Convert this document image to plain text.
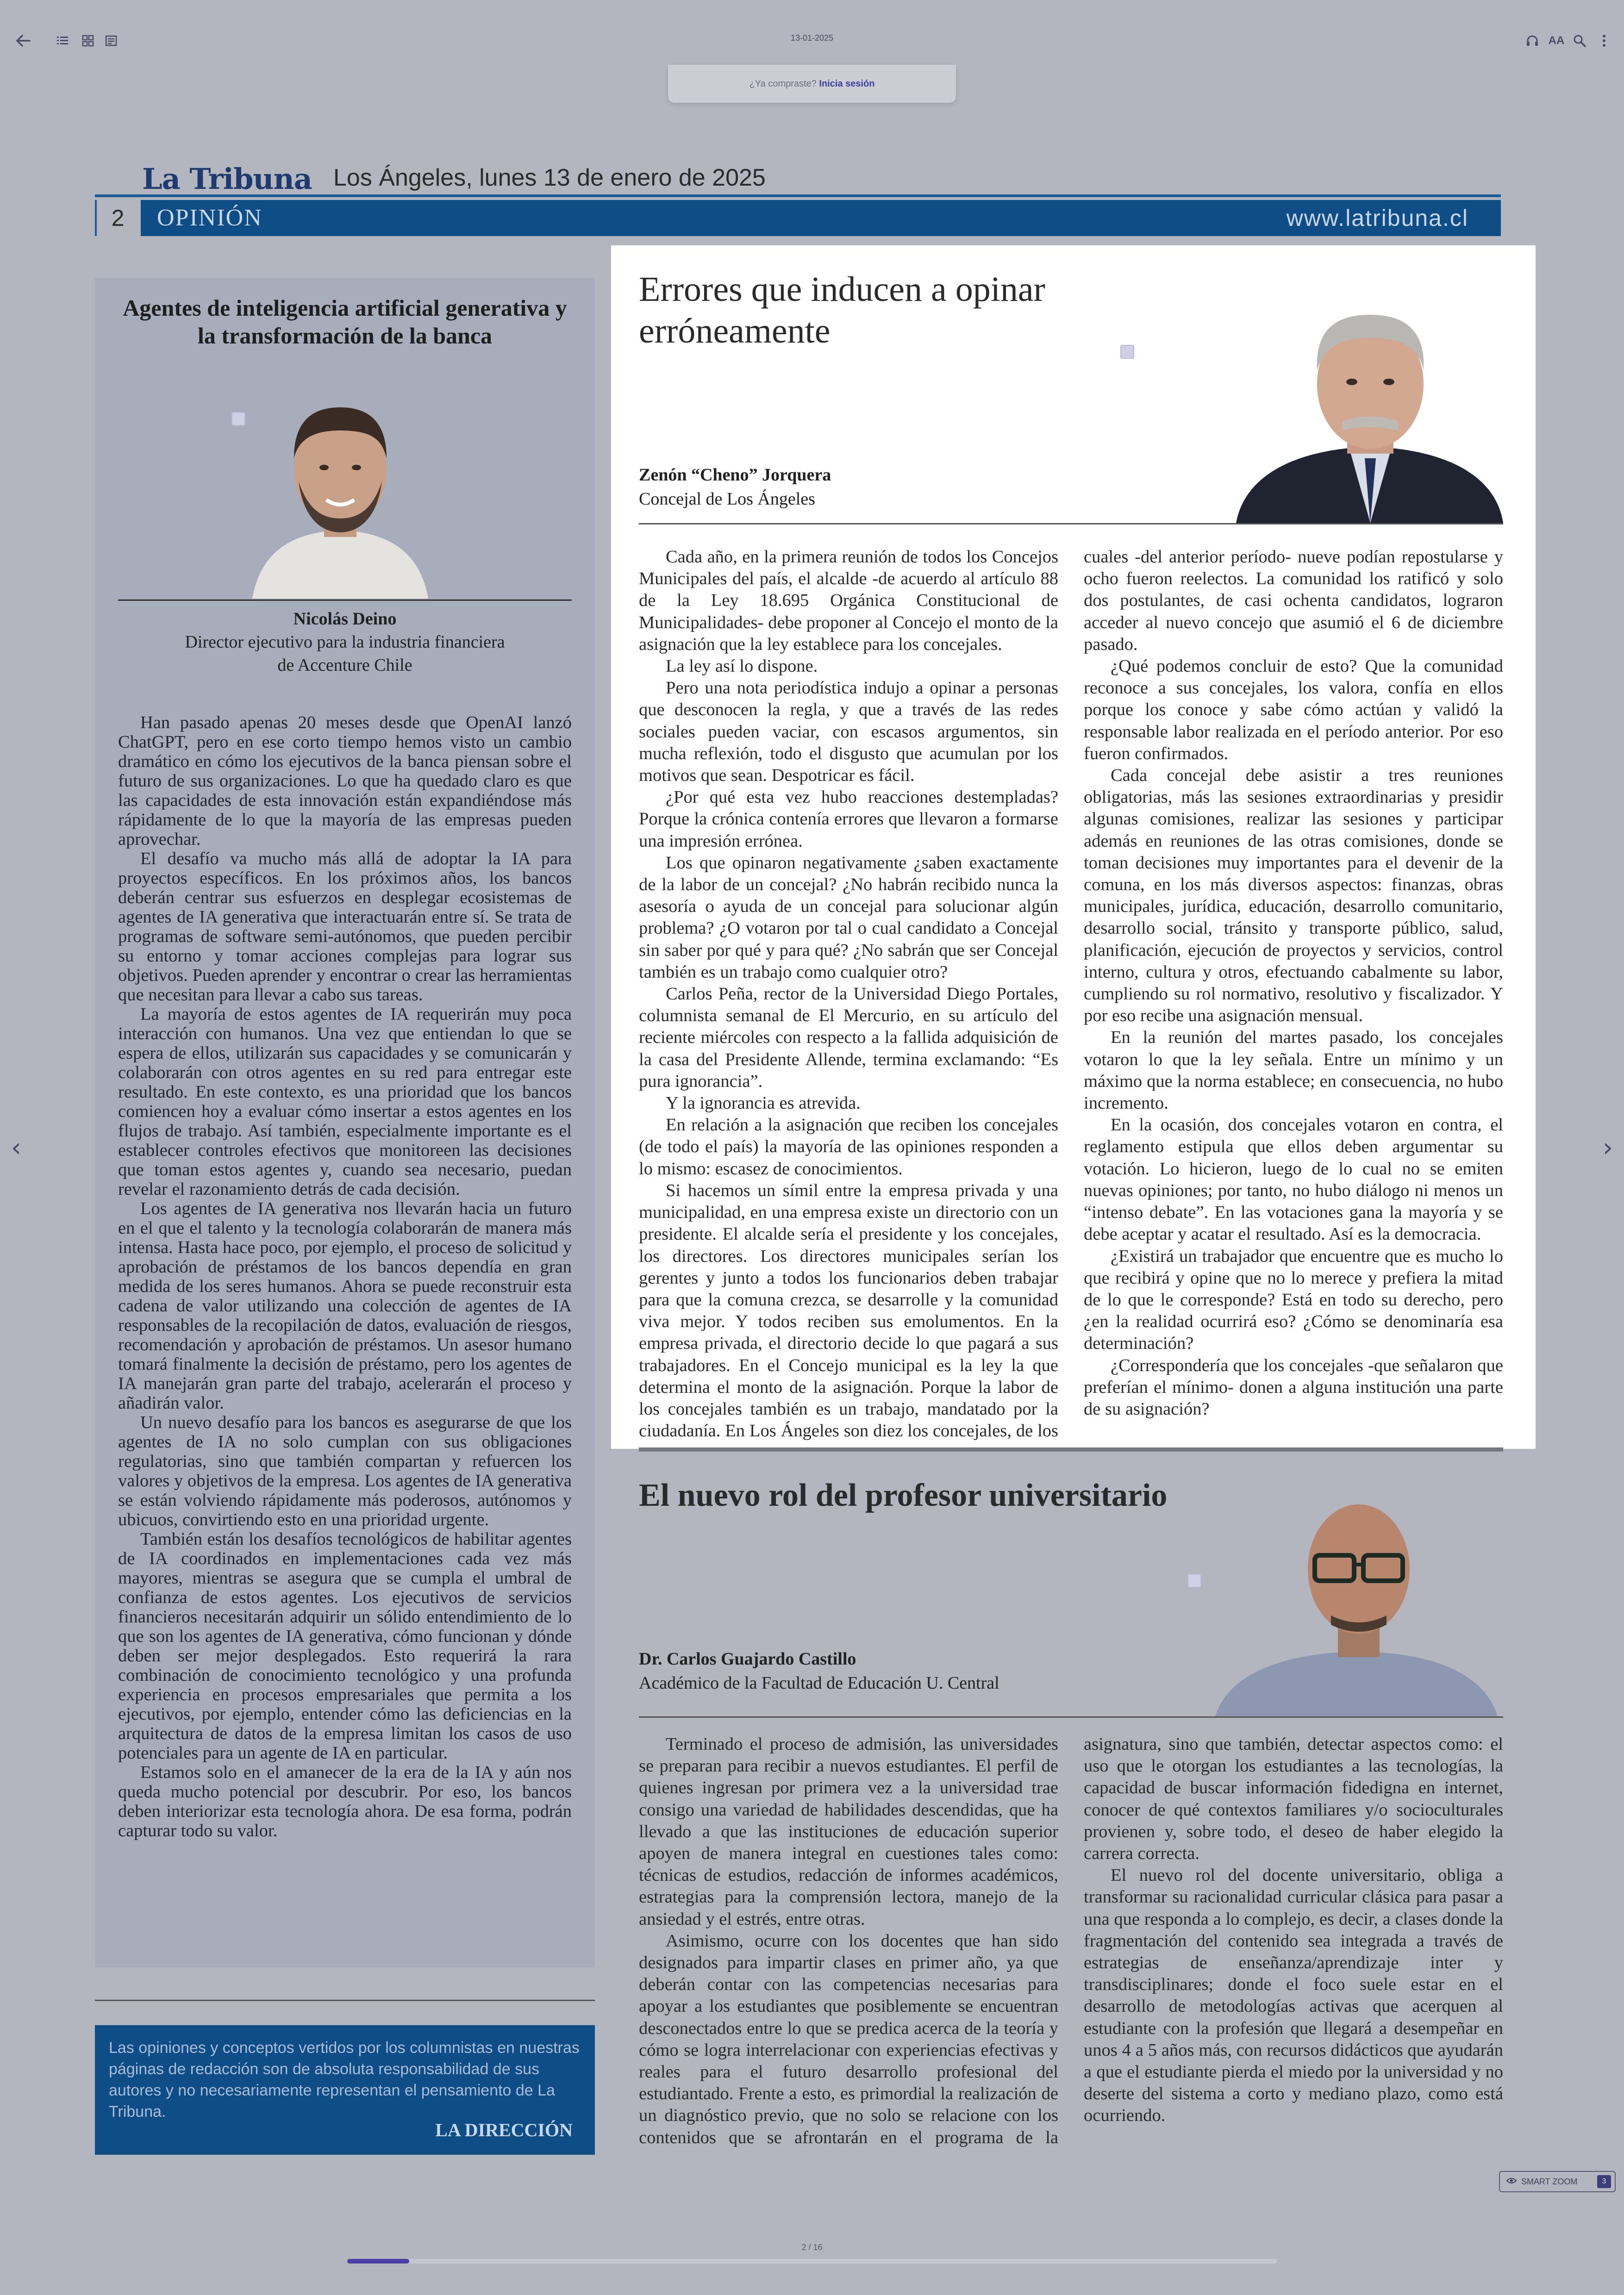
13-01-2025	AA
¿Ya compraste? Inicia sesión
‹	›
La Tribuna Los Ángeles, lunes 13 de enero de 2025
2	OPINIÓN	www.latribuna.cl
Agentes de inteligencia artificial generativa y la transformación de la banca
Nicolás Deino
Director ejecutivo para la industria financiera
de Accenture Chile

Han pasado apenas 20 meses desde que OpenAI lanzó ChatGPT, pero en ese corto tiempo hemos visto un cambio dramático en cómo los ejecutivos de la banca piensan sobre el futuro de sus organizaciones. Lo que ha quedado claro es que las capacidades de esta innovación están expandiéndose más rápidamente de lo que la mayoría de las empresas pueden aprovechar.

El desafío va mucho más allá de adoptar la IA para proyectos específicos. En los próximos años, los bancos deberán centrar sus esfuerzos en desplegar ecosistemas de agentes de IA generativa que interactuarán entre sí. Se trata de programas de software semi-autónomos, que pueden percibir su entorno y tomar acciones complejas para lograr sus objetivos. Pueden aprender y encontrar o crear las herramientas que necesitan para llevar a cabo sus tareas.

La mayoría de estos agentes de IA requerirán muy poca interacción con humanos. Una vez que entiendan lo que se espera de ellos, utilizarán sus capacidades y se comunicarán y colaborarán con otros agentes en su red para entregar este resultado. En este contexto, es una prioridad que los bancos comiencen hoy a evaluar cómo insertar a estos agentes en los flujos de trabajo. Así también, especialmente importante es el establecer controles efectivos que monitoreen las decisiones que toman estos agentes y, cuando sea necesario, puedan revelar el razonamiento detrás de cada decisión.

Los agentes de IA generativa nos llevarán hacia un futuro en el que el talento y la tecnología colaborarán de manera más intensa. Hasta hace poco, por ejemplo, el proceso de solicitud y aprobación de préstamos de los bancos dependía en gran medida de los seres humanos. Ahora se puede reconstruir esta cadena de valor utilizando una colección de agentes de IA responsables de la recopilación de datos, evaluación de riesgos, recomendación y aprobación de préstamos. Un asesor humano tomará finalmente la decisión de préstamo, pero los agentes de IA manejarán gran parte del trabajo, acelerarán el proceso y añadirán valor.

Un nuevo desafío para los bancos es asegurarse de que los agentes de IA no solo cumplan con sus obligaciones regulatorias, sino que también compartan y refuercen los valores y objetivos de la empresa. Los agentes de IA generativa se están volviendo rápidamente más poderosos, autónomos y ubicuos, convirtiendo esto en una prioridad urgente.

También están los desafíos tecnológicos de habilitar agentes de IA coordinados en implementaciones cada vez más mayores, mientras se asegura que se cumpla el umbral de confianza de estos agentes. Los ejecutivos de servicios financieros necesitarán adquirir un sólido entendimiento de lo que son los agentes de IA generativa, cómo funcionan y dónde deben ser mejor desplegados. Esto requerirá la rara combinación de conocimiento tecnológico y una profunda experiencia en procesos empresariales que permita a los ejecutivos, por ejemplo, entender cómo las deficiencias en la arquitectura de datos de la empresa limitan los casos de uso potenciales para un agente de IA en particular.

Estamos solo en el amanecer de la era de la IA y aún nos queda mucho potencial por descubrir. Por eso, los bancos deben interiorizar esta tecnología ahora. De esa forma, podrán capturar todo su valor.

Las opiniones y conceptos vertidos por los columnistas en nuestras páginas de redacción son de absoluta responsabilidad de sus autores y no necesariamente representan el pensamiento de La Tribuna.
LA DIRECCIÓN
Errores que inducen a opinar erróneamente
Zenón “Cheno” Jorquera
Concejal de Los Ángeles

Cada año, en la primera reunión de todos los Concejos Municipales del país, el alcalde -de acuerdo al artículo 88 de la Ley 18.695 Orgánica Constitucional de Municipalidades- debe proponer al Concejo el monto de la asignación que la ley establece para los concejales.

La ley así lo dispone.

Pero una nota periodística indujo a opinar a personas que desconocen la regla, y que a través de las redes sociales pueden vaciar, con escasos argumentos, sin mucha reflexión, todo el disgusto que acumulan por los motivos que sean. Despotricar es fácil.

¿Por qué esta vez hubo reacciones destempladas? Porque la crónica contenía errores que llevaron a formarse una impresión errónea.

Los que opinaron negativamente ¿saben exactamente de la labor de un concejal? ¿No habrán recibido nunca la asesoría o ayuda de un concejal para solucionar algún problema? ¿O votaron por tal o cual candidato a Concejal sin saber por qué y para qué? ¿No sabrán que ser Concejal también es un trabajo como cualquier otro?

Carlos Peña, rector de la Universidad Diego Portales, columnista semanal de El Mercurio, en su artículo del reciente miércoles con respecto a la fallida adquisición de la casa del Presidente Allende, termina exclamando: “Es pura ignorancia”.

Y la ignorancia es atrevida.

En relación a la asignación que reciben los concejales (de todo el país) la mayoría de las opiniones responden a lo mismo: escasez de conocimientos.

Si hacemos un símil entre la empresa privada y una municipalidad, en una empresa existe un directorio con un presidente. El alcalde sería el presidente y los concejales, los directores. Los directores municipales serían los gerentes y junto a todos los funcionarios deben trabajar para que la comuna crezca, se desarrolle y la comunidad viva mejor. Y todos reciben sus emolumentos. En la empresa privada, el directorio decide lo que pagará a sus trabajadores. En el Concejo municipal es la ley la que determina el monto de la asignación. Porque la labor de los concejales también es un trabajo, mandatado por la ciudadanía. En Los Ángeles son diez los concejales, de los cuales -del anterior período- nueve podían repostularse y ocho fueron reelectos. La comunidad los ratificó y solo dos postulantes, de casi ochenta candidatos, lograron acceder al nuevo concejo que asumió el 6 de diciembre pasado.

¿Qué podemos concluir de esto? Que la comunidad reconoce a sus concejales, los valora, confía en ellos porque los conoce y sabe cómo actúan y validó la responsable labor realizada en el período anterior. Por eso fueron confirmados.

Cada concejal debe asistir a tres reuniones obligatorias, más las sesiones extraordinarias y presidir algunas comisiones, realizar las sesiones y participar además en reuniones de las otras comisiones, donde se toman decisiones muy importantes para el devenir de la comuna, en los más diversos aspectos: finanzas, obras municipales, jurídica, educación, desarrollo comunitario, desarrollo social, tránsito y transporte público, salud, planificación, ejecución de proyectos y servicios, control interno, cultura y otros, efectuando cabalmente su labor, cumpliendo su rol normativo, resolutivo y fiscalizador. Y por eso recibe una asignación mensual.

En la reunión del martes pasado, los concejales votaron lo que la ley señala. Entre un mínimo y un máximo que la norma establece; en consecuencia, no hubo incremento.

En la ocasión, dos concejales votaron en contra, el reglamento estipula que ellos deben argumentar su votación. Lo hicieron, luego de lo cual no se emiten nuevas opiniones; por tanto, no hubo diálogo ni menos un “intenso debate”. En las votaciones gana la mayoría y se debe aceptar y acatar el resultado. Así es la democracia.

¿Existirá un trabajador que encuentre que es mucho lo que recibirá y opine que no lo merece y prefiera la mitad de lo que le corresponde? Está en todo su derecho, pero ¿en la realidad ocurrirá eso? ¿Cómo se denominaría esa determinación?

¿Correspondería que los concejales -que señalaron que preferían el mínimo- donen a alguna institución una parte de su asignación?

El nuevo rol del profesor universitario
Dr. Carlos Guajardo Castillo
Académico de la Facultad de Educación U. Central

Terminado el proceso de admisión, las universidades se preparan para recibir a nuevos estudiantes. El perfil de quienes ingresan por primera vez a la universidad trae consigo una variedad de habilidades descendidas, que ha llevado a que las instituciones de educación superior apoyen de manera integral en cuestiones tales como: técnicas de estudios, redacción de informes académicos, estrategias para la comprensión lectora, manejo de la ansiedad y el estrés, entre otras.

Asimismo, ocurre con los docentes que han sido designados para impartir clases en primer año, ya que deberán contar con las competencias necesarias para apoyar a los estudiantes que posiblemente se encuentran desconectados entre lo que se predica acerca de la teoría y cómo se logra interrelacionar con experiencias efectivas y reales para el futuro desarrollo profesional del estudiantado. Frente a esto, es primordial la realización de un diagnóstico previo, que no solo se relacione con los contenidos que se afrontarán en el programa de la asignatura, sino que también, detectar aspectos como: el uso que le otorgan los estudiantes a las tecnologías, la capacidad de buscar información fidedigna en internet, conocer de qué contextos familiares y/o socioculturales provienen y, sobre todo, el deseo de haber elegido la carrera correcta.

El nuevo rol del docente universitario, obliga a transformar su racionalidad curricular clásica para pasar a una que responda a lo complejo, es decir, a clases donde la fragmentación del contenido sea integrada a través de estrategias de enseñanza/aprendizaje inter y transdisciplinares; donde el foco suele estar en el desarrollo de metodologías activas que acerquen al estudiante con la profesión que llegará a desempeñar en unos 4 a 5 años más, con recursos didácticos que ayudarán a que el estudiante pierda el miedo por la universidad y no deserte del sistema a corto y mediano plazo, como está ocurriendo.

SMART ZOOM	3
2 / 16
